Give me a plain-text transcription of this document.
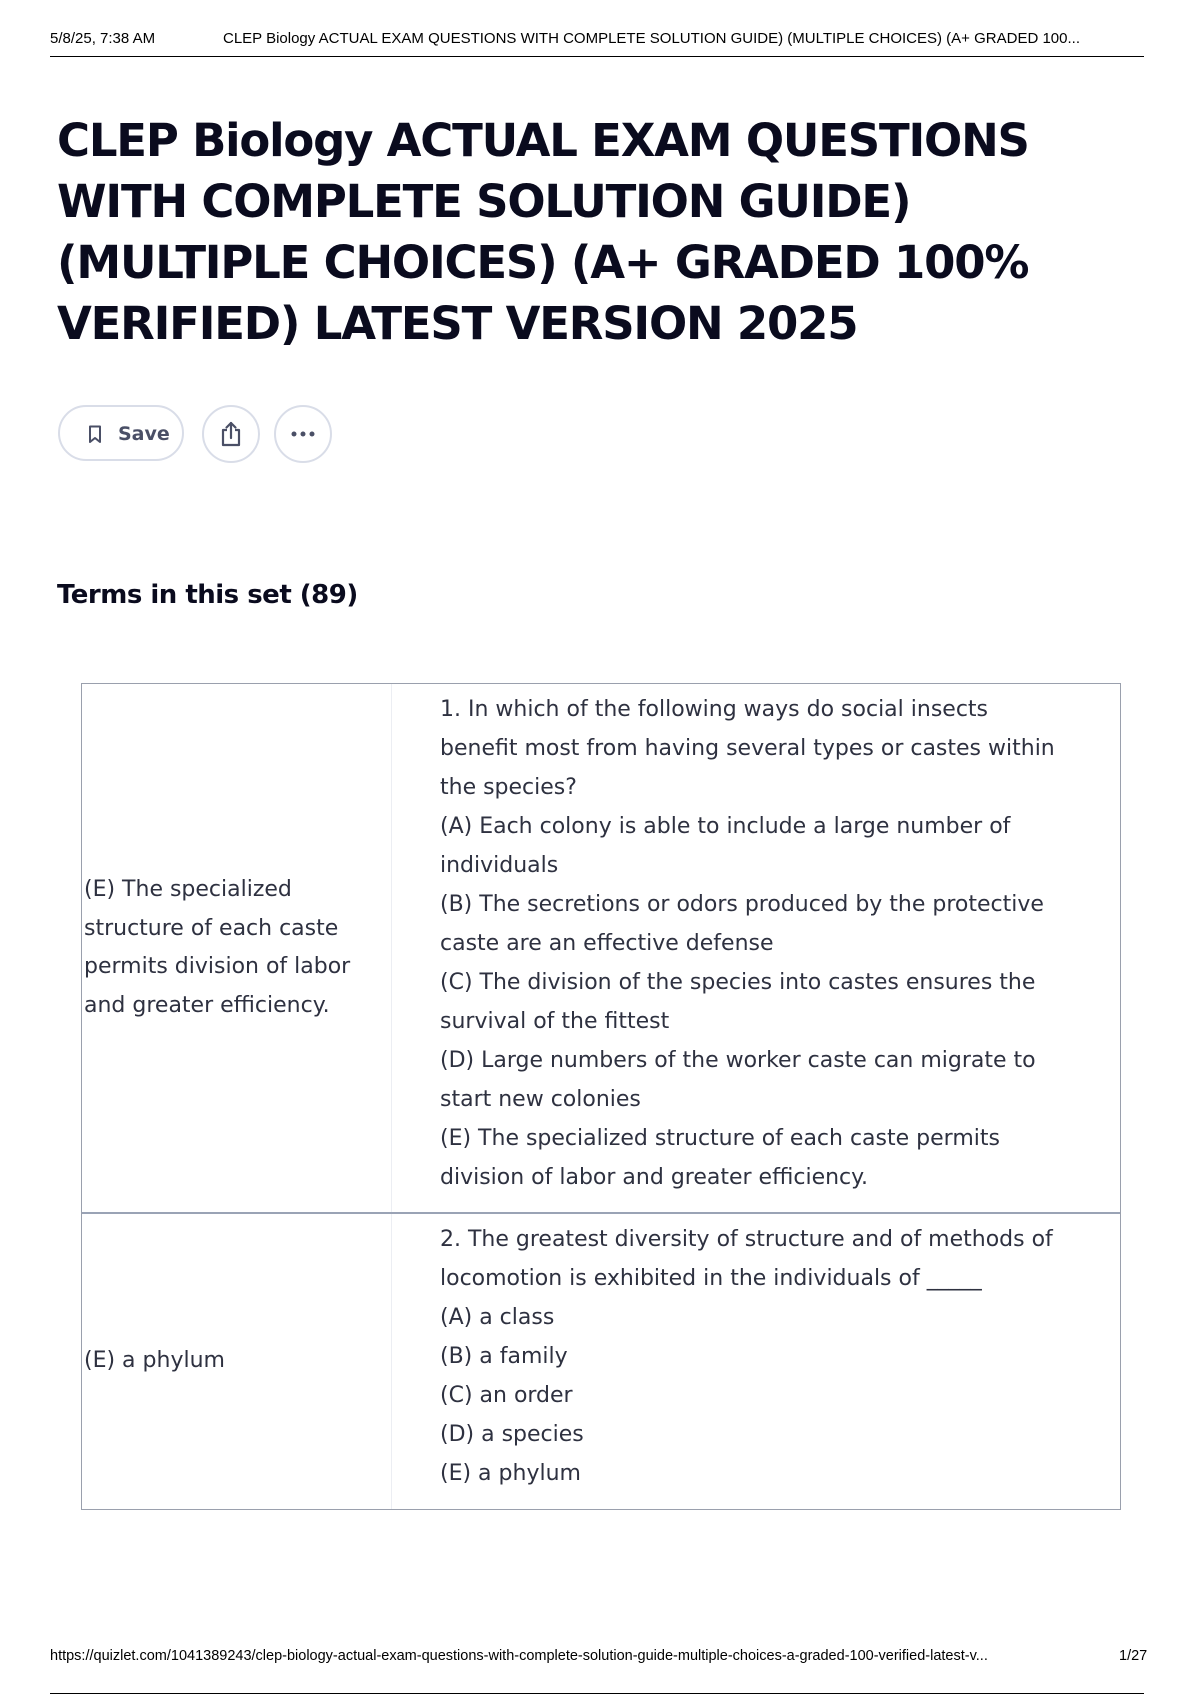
5/8/25, 7:38 AM	CLEP Biology ACTUAL EXAM QUESTIONS WITH COMPLETE SOLUTION GUIDE) (MULTIPLE CHOICES) (A+ GRADED 100...
CLEP Biology ACTUAL EXAM QUESTIONS WITH COMPLETE SOLUTION GUIDE) (MULTIPLE CHOICES) (A+ GRADED 100% VERIFIED) LATEST VERSION 2025
Save
Terms in this set (89)
(E) The specialized structure of each caste permits division of labor and greater efficiency.
1. In which of the following ways do social insects benefit most from having several types or castes within the species?
(A) Each colony is able to include a large number of individuals
(B) The secretions or odors produced by the protective caste are an effective defense
(C) The division of the species into castes ensures the survival of the fittest
(D) Large numbers of the worker caste can migrate to start new colonies
(E) The specialized structure of each caste permits division of labor and greater efficiency.
(E) a phylum
2. The greatest diversity of structure and of methods of locomotion is exhibited in the individuals of _____
(A) a class
(B) a family
(C) an order
(D) a species
(E) a phylum
https://quizlet.com/1041389243/clep-biology-actual-exam-questions-with-complete-solution-guide-multiple-choices-a-graded-100-verified-latest-v...	1/27
